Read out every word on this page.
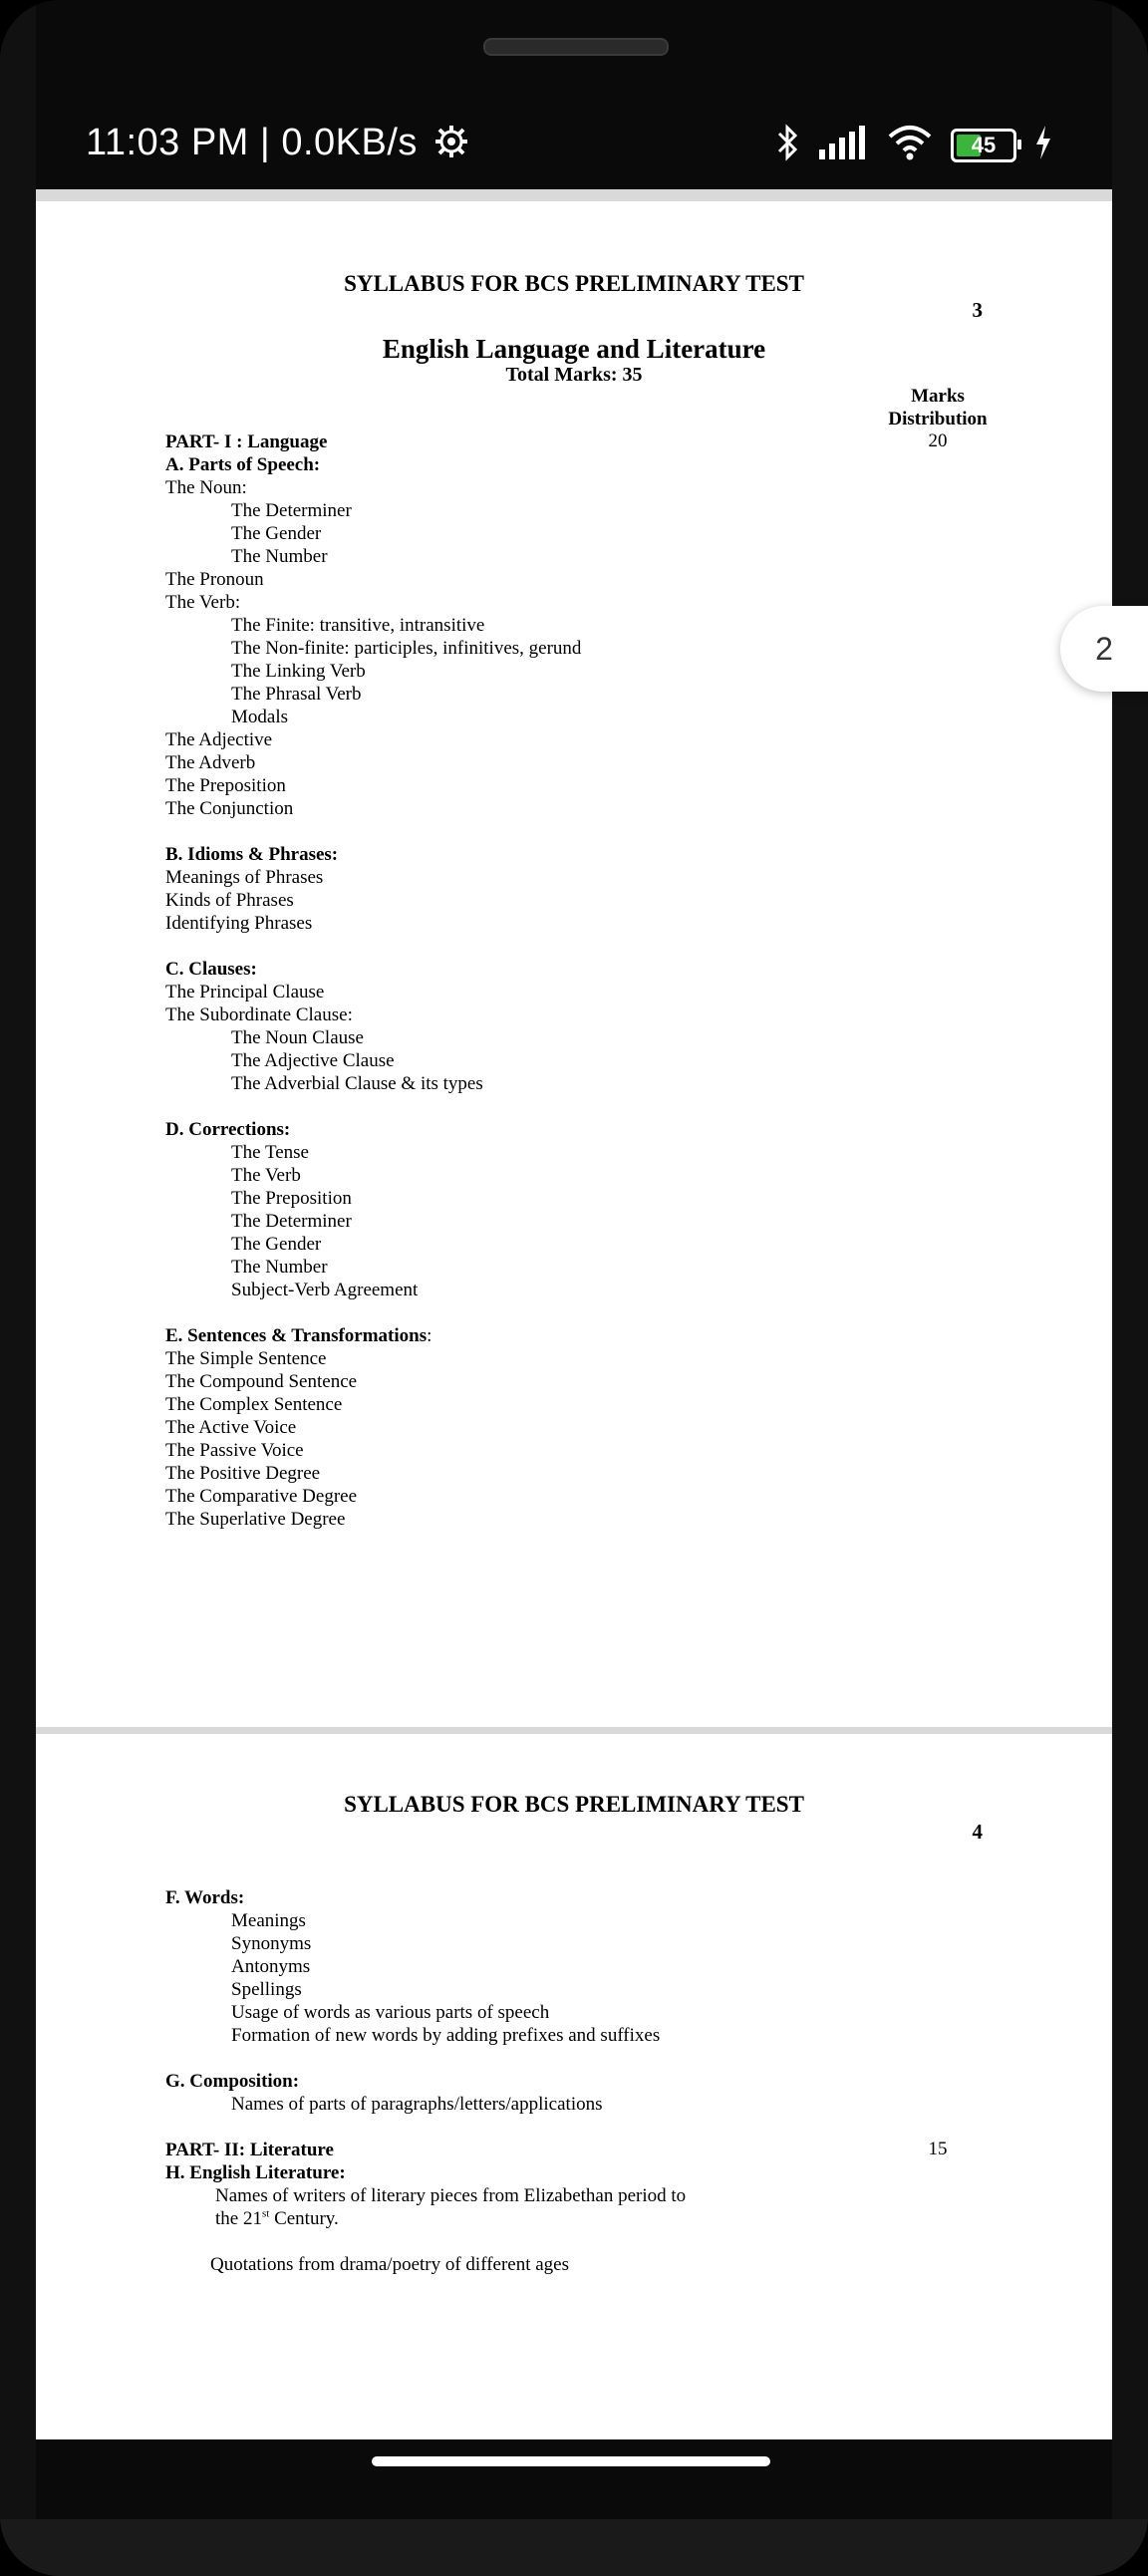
11:03 PM | 0.0KB/s	45
SYLLABUS FOR BCS PRELIMINARY TEST
3
English Language and Literature
Total Marks: 35
Marks
Distribution
20
PART- I : Language
A. Parts of Speech:
The Noun:
The Determiner
The Gender
The Number
The Pronoun
The Verb:
The Finite: transitive, intransitive
The Non-finite: participles, infinitives, gerund
The Linking Verb
The Phrasal Verb
Modals
The Adjective
The Adverb
The Preposition
The Conjunction
B. Idioms & Phrases:
Meanings of Phrases
Kinds of Phrases
Identifying Phrases
C. Clauses:
The Principal Clause
The Subordinate Clause:
The Noun Clause
The Adjective Clause
The Adverbial Clause & its types
D. Corrections:
The Tense
The Verb
The Preposition
The Determiner
The Gender
The Number
Subject-Verb Agreement
E. Sentences & Transformations:
The Simple Sentence
The Compound Sentence
The Complex Sentence
The Active Voice
The Passive Voice
The Positive Degree
The Comparative Degree
The Superlative Degree
SYLLABUS FOR BCS PRELIMINARY TEST
4
15
F. Words:
Meanings
Synonyms
Antonyms
Spellings
Usage of words as various parts of speech
Formation of new words by adding prefixes and suffixes
G. Composition:
Names of parts of paragraphs/letters/applications
PART- II: Literature
H. English Literature:
Names of writers of literary pieces from Elizabethan period to
the 21st Century.
Quotations from drama/poetry of different ages
2
